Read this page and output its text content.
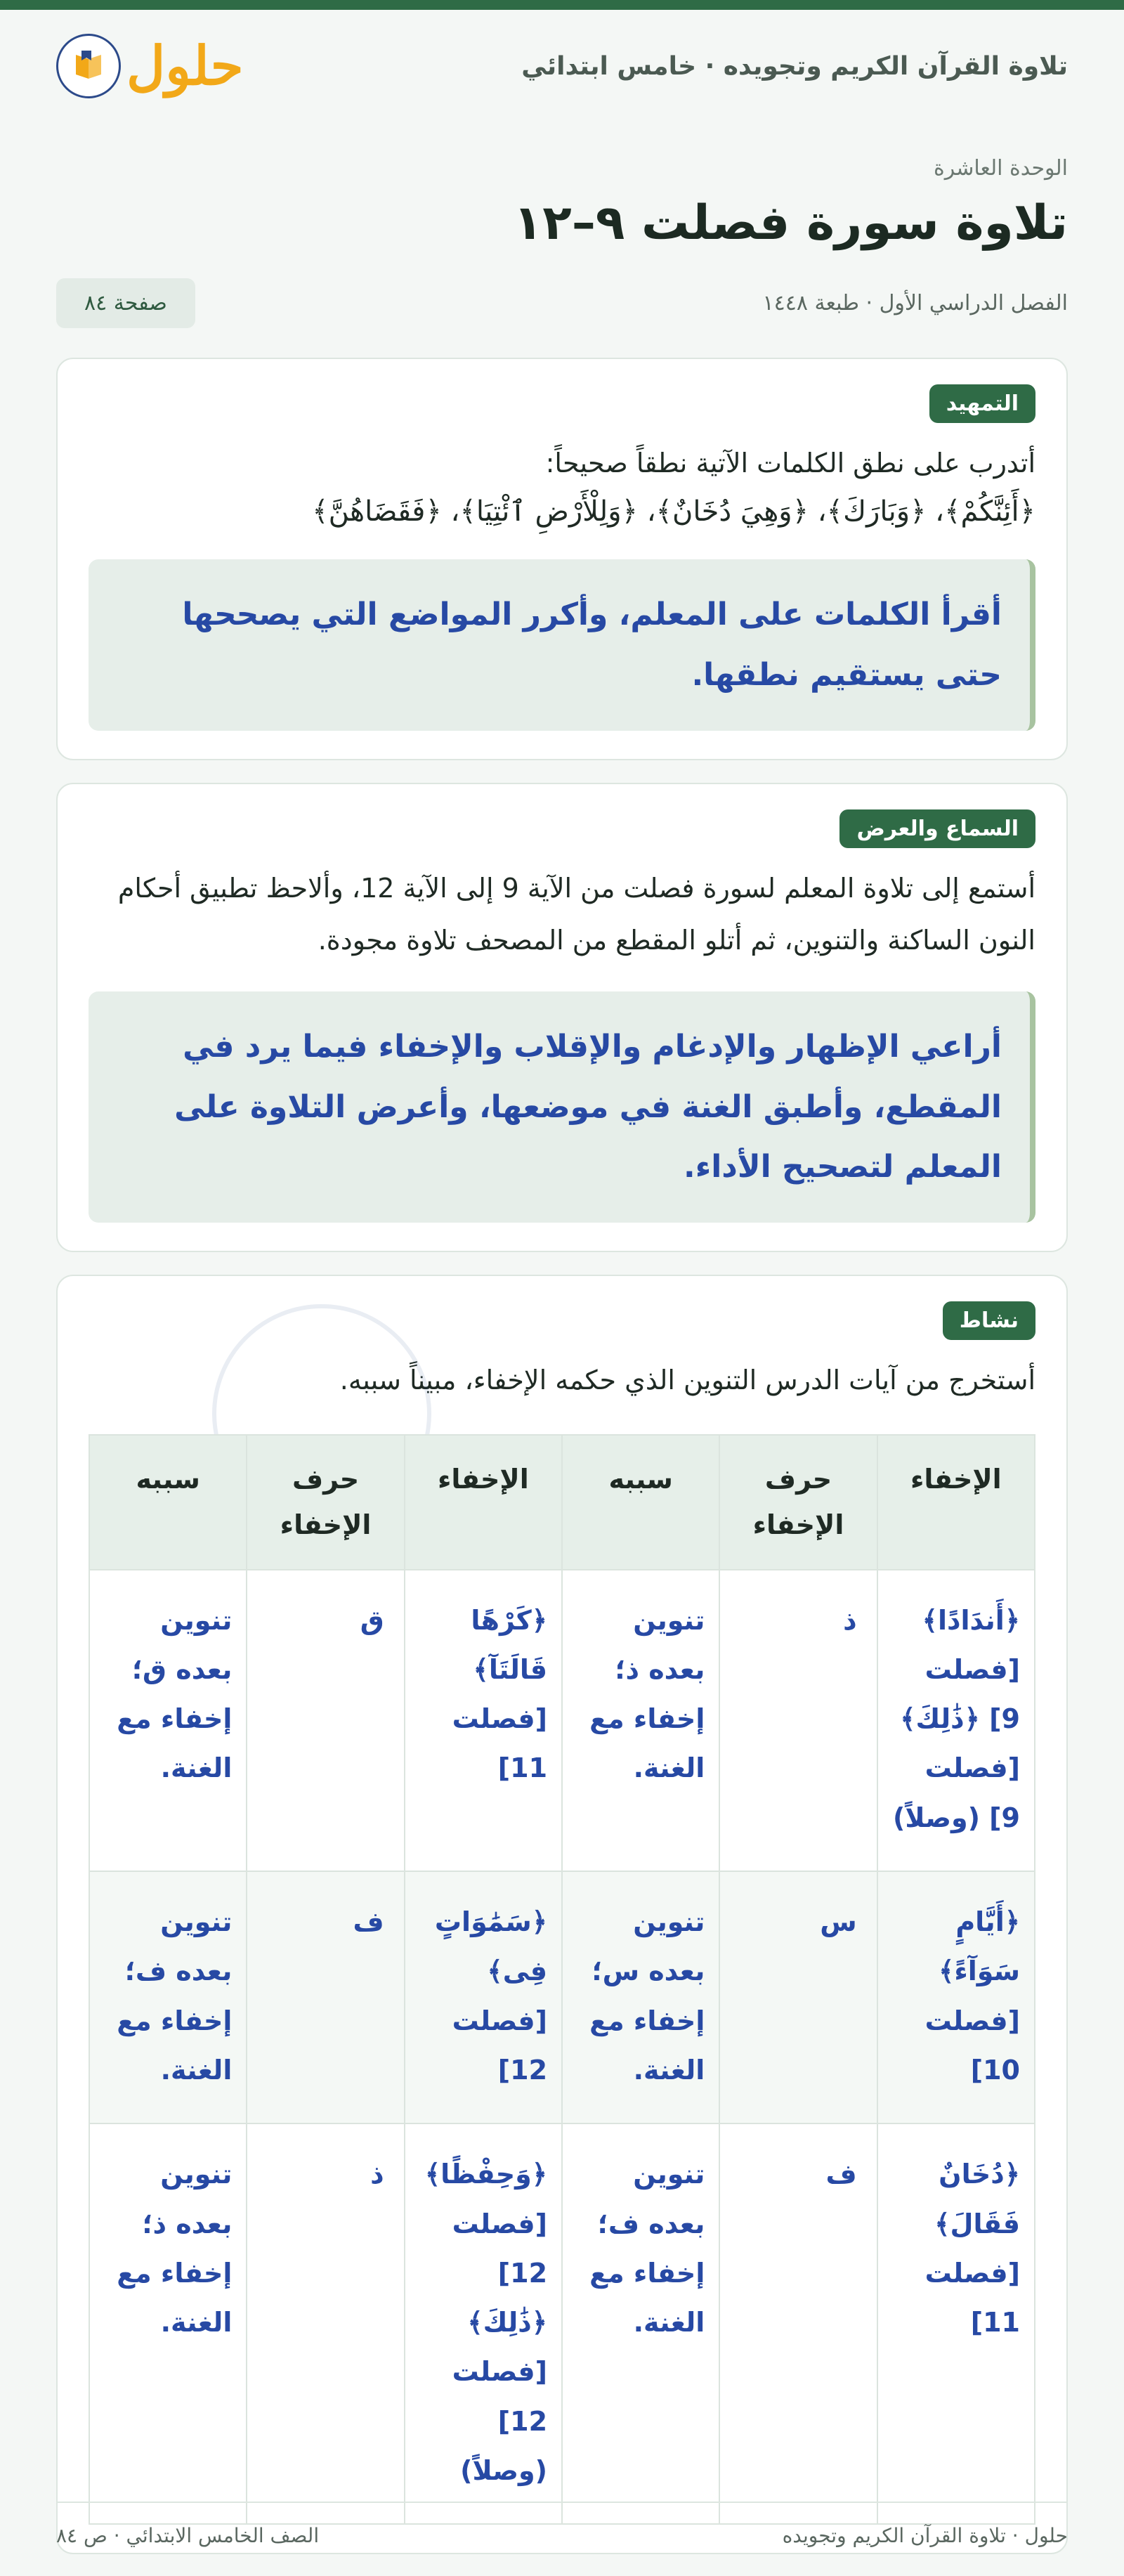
تلاوة القرآن الكريم وتجويده · خامس ابتدائي
حلول
الوحدة العاشرة
تلاوة سورة فصلت ٩–١٢
الفصل الدراسي الأول · طبعة ١٤٤٨
صفحة ٨٤
التمهيد
أتدرب على نطق الكلمات الآتية نطقاً صحيحاً:
﴿أَئِنَّكُمْ﴾، ﴿وَبَارَكَ﴾، ﴿وَهِيَ دُخَانٌ﴾، ﴿وَلِلْأَرْضِ ٱئْتِيَا﴾، ﴿فَقَضَاهُنَّ﴾
أقرأ الكلمات على المعلم، وأكرر المواضع التي يصححها حتى يستقيم نطقها.
السماع والعرض
أستمع إلى تلاوة المعلم لسورة فصلت من الآية 9 إلى الآية 12، وألاحظ تطبيق أحكام النون الساكنة والتنوين، ثم أتلو المقطع من المصحف تلاوة مجودة.
أراعي الإظهار والإدغام والإقلاب والإخفاء فيما يرد في المقطع، وأطبق الغنة في موضعها، وأعرض التلاوة على المعلم لتصحيح الأداء.
نشاط
أستخرج من آيات الدرس التنوين الذي حكمه الإخفاء، مبيناً سببه.
الإخفاء	حرف الإخفاء	سببه	الإخفاء	حرف الإخفاء	سببه
﴿أَندَادًا﴾ [فصلت 9] ﴿ذَٰلِكَ﴾ [فصلت 9] (وصلاً)	ذ	تنوين بعده ذ؛ إخفاء مع الغنة.	﴿كَرْهًا قَالَتَآ﴾ [فصلت 11]	ق	تنوين بعده ق؛ إخفاء مع الغنة.
﴿أَيَّامٍ سَوَآءً﴾ [فصلت 10]	س	تنوين بعده س؛ إخفاء مع الغنة.	﴿سَمَٰوَاتٍ فِى﴾ [فصلت 12]	ف	تنوين بعده ف؛ إخفاء مع الغنة.
﴿دُخَانٌ فَقَالَ﴾ [فصلت 11]	ف	تنوين بعده ف؛ إخفاء مع الغنة.	﴿وَحِفْظًا﴾ [فصلت 12] ﴿ذَٰلِكَ﴾ [فصلت 12] (وصلاً)	ذ	تنوين بعده ذ؛ إخفاء مع الغنة.
حلول · تلاوة القرآن الكريم وتجويده
الصف الخامس الابتدائي · ص ٨٤
